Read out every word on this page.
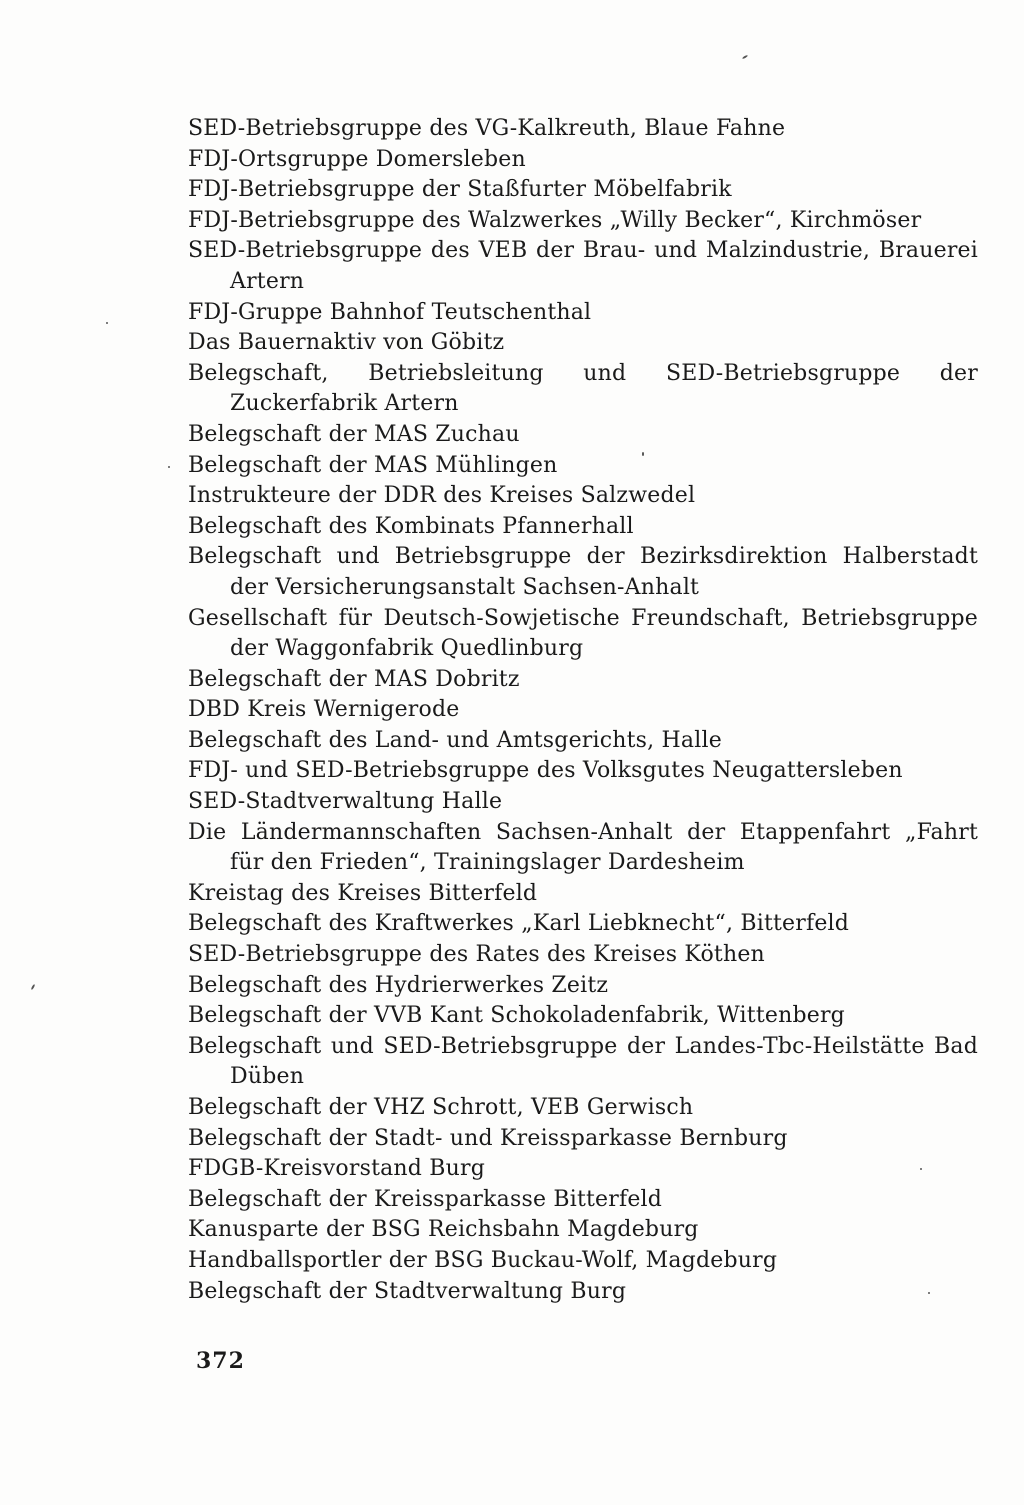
SED-Betriebsgruppe des VG-Kalkreuth, Blaue Fahne
FDJ-Ortsgruppe Domersleben
FDJ-Betriebsgruppe der Staßfurter Möbelfabrik
FDJ-Betriebsgruppe des Walzwerkes „Willy Becker“, Kirchmöser
SED-Betriebsgruppe des VEB der Brau- und Malzindustrie, Brauerei Artern
FDJ-Gruppe Bahnhof Teutschenthal
Das Bauernaktiv von Göbitz
Belegschaft, Betriebsleitung und SED-Betriebsgruppe der Zuckerfabrik Artern
Belegschaft der MAS Zuchau
Belegschaft der MAS Mühlingen
Instrukteure der DDR des Kreises Salzwedel
Belegschaft des Kombinats Pfannerhall
Belegschaft und Betriebsgruppe der Bezirksdirektion Halberstadt der Versicherungsanstalt Sachsen-Anhalt
Gesellschaft für Deutsch-Sowjetische Freundschaft, Betriebsgruppe der Waggonfabrik Quedlinburg
Belegschaft der MAS Dobritz
DBD Kreis Wernigerode
Belegschaft des Land- und Amtsgerichts, Halle
FDJ- und SED-Betriebsgruppe des Volksgutes Neugattersleben
SED-Stadtverwaltung Halle
Die Ländermannschaften Sachsen-Anhalt der Etappenfahrt „Fahrt für den Frieden“, Trainingslager Dardesheim
Kreistag des Kreises Bitterfeld
Belegschaft des Kraftwerkes „Karl Liebknecht“, Bitterfeld
SED-Betriebsgruppe des Rates des Kreises Köthen
Belegschaft des Hydrierwerkes Zeitz
Belegschaft der VVB Kant Schokoladenfabrik, Wittenberg
Belegschaft und SED-Betriebsgruppe der Landes-Tbc-Heilstätte Bad Düben
Belegschaft der VHZ Schrott, VEB Gerwisch
Belegschaft der Stadt- und Kreissparkasse Bernburg
FDGB-Kreisvorstand Burg
Belegschaft der Kreissparkasse Bitterfeld
Kanusparte der BSG Reichsbahn Magdeburg
Handballsportler der BSG Buckau-Wolf, Magdeburg
Belegschaft der Stadtverwaltung Burg
372
